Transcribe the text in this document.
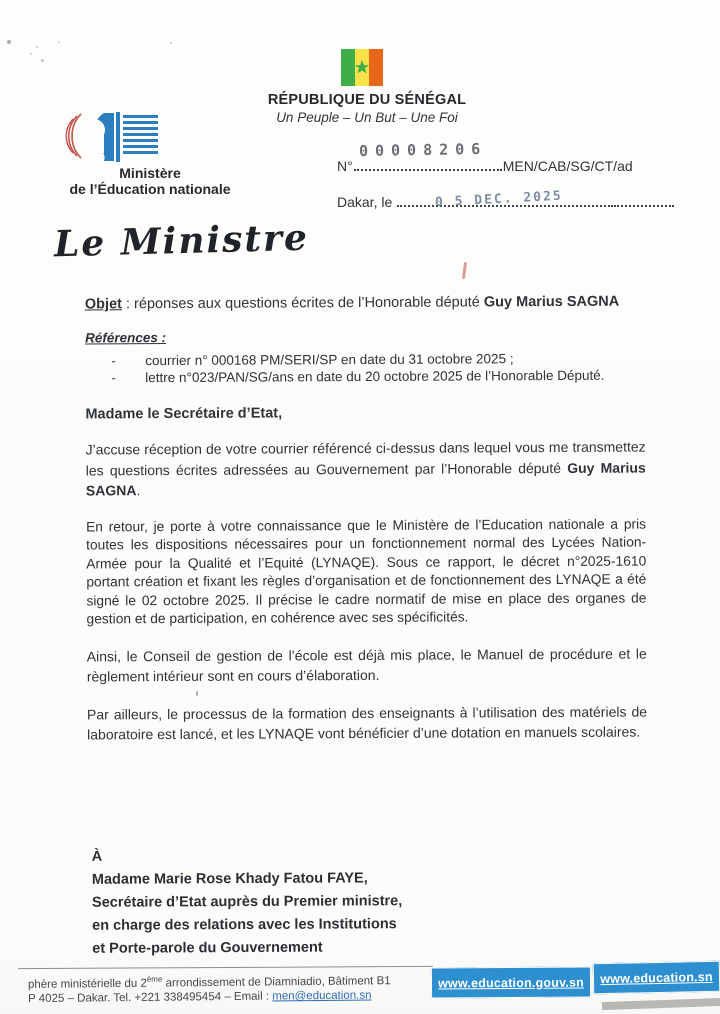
RÉPUBLIQUE DU SÉNÉGAL
Un Peuple – Un But – Une Foi
Ministère
de l’Éducation nationale
N°	MEN/CAB/SG/CT/ad
00008206
Dakar, le	0 5 DEC. 2025
Le Ministre
Objet : réponses aux questions écrites de l’Honorable député Guy Marius SAGNA
Références :
- courrier n° 000168 PM/SERI/SP en date du 31 octobre 2025 ;
- lettre n°023/PAN/SG/ans en date du 20 octobre 2025 de l’Honorable Député.
Madame le Secrétaire d’Etat,

J’accuse réception de votre courrier référencé ci-dessus dans lequel vous me transmettez les questions écrites adressées au Gouvernement par l’Honorable député Guy Marius SAGNA.

En retour, je porte à votre connaissance que le Ministère de l’Education nationale a pris toutes les dispositions nécessaires pour un fonctionnement normal des Lycées Nation-Armée pour la Qualité et l’Equité (LYNAQE). Sous ce rapport, le décret n°2025-1610 portant création et fixant les règles d’organisation et de fonctionnement des LYNAQE a été signé le 02 octobre 2025. Il précise le cadre normatif de mise en place des organes de gestion et de participation, en cohérence avec ses spécificités.

Ainsi, le Conseil de gestion de l’école est déjà mis place, le Manuel de procédure et le règlement intérieur sont en cours d’élaboration.

Par ailleurs, le processus de la formation des enseignants à l’utilisation des matériels de laboratoire est lancé, et les LYNAQE vont bénéficier d’une dotation en manuels scolaires.

À
Madame Marie Rose Khady Fatou FAYE,
Secrétaire d’Etat auprès du Premier ministre,
en charge des relations avec les Institutions
et Porte-parole du Gouvernement
phère ministérielle du 2ème arrondissement de Diamniadio, Bâtiment B1
P 4025 – Dakar. Tel. +221 338495454 – Email : men@education.sn
www.education.gouv.sn www.education.sn
